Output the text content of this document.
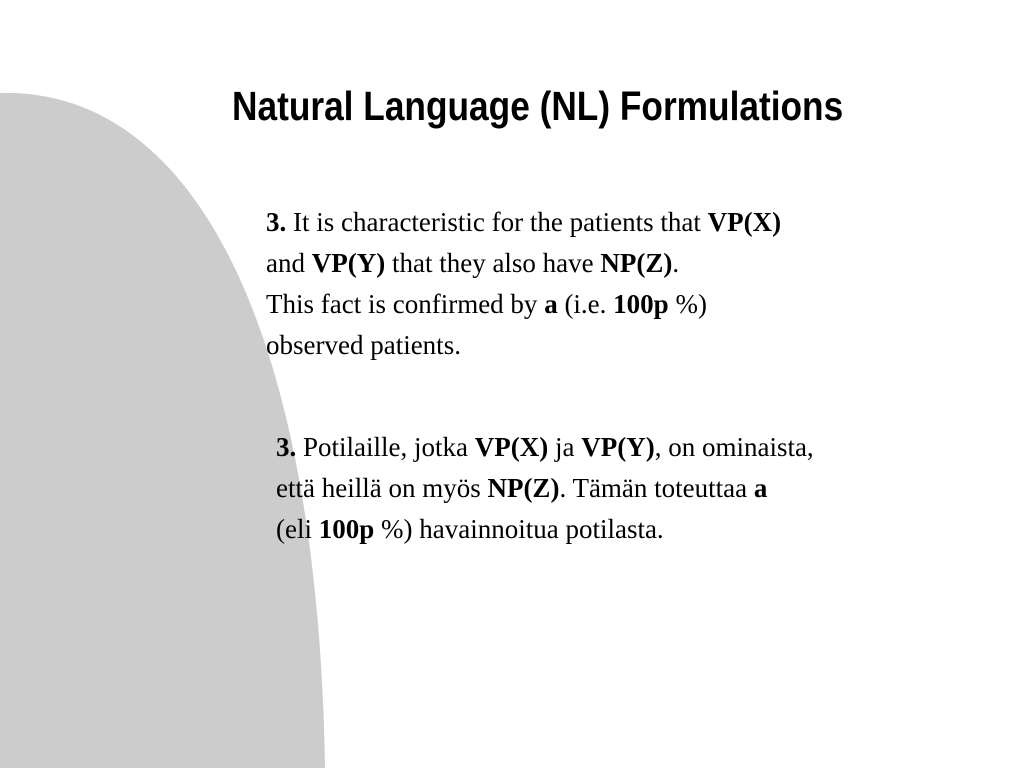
Natural Language (NL) Formulations

3. It is characteristic for the patients that VP(X)
and VP(Y) that they also have NP(Z).
This fact is confirmed by a (i.e. 100p %)
observed patients.

3. Potilaille, jotka VP(X) ja VP(Y), on ominaista,
että heillä on myös NP(Z). Tämän toteuttaa a
(eli 100p %) havainnoitua potilasta.
